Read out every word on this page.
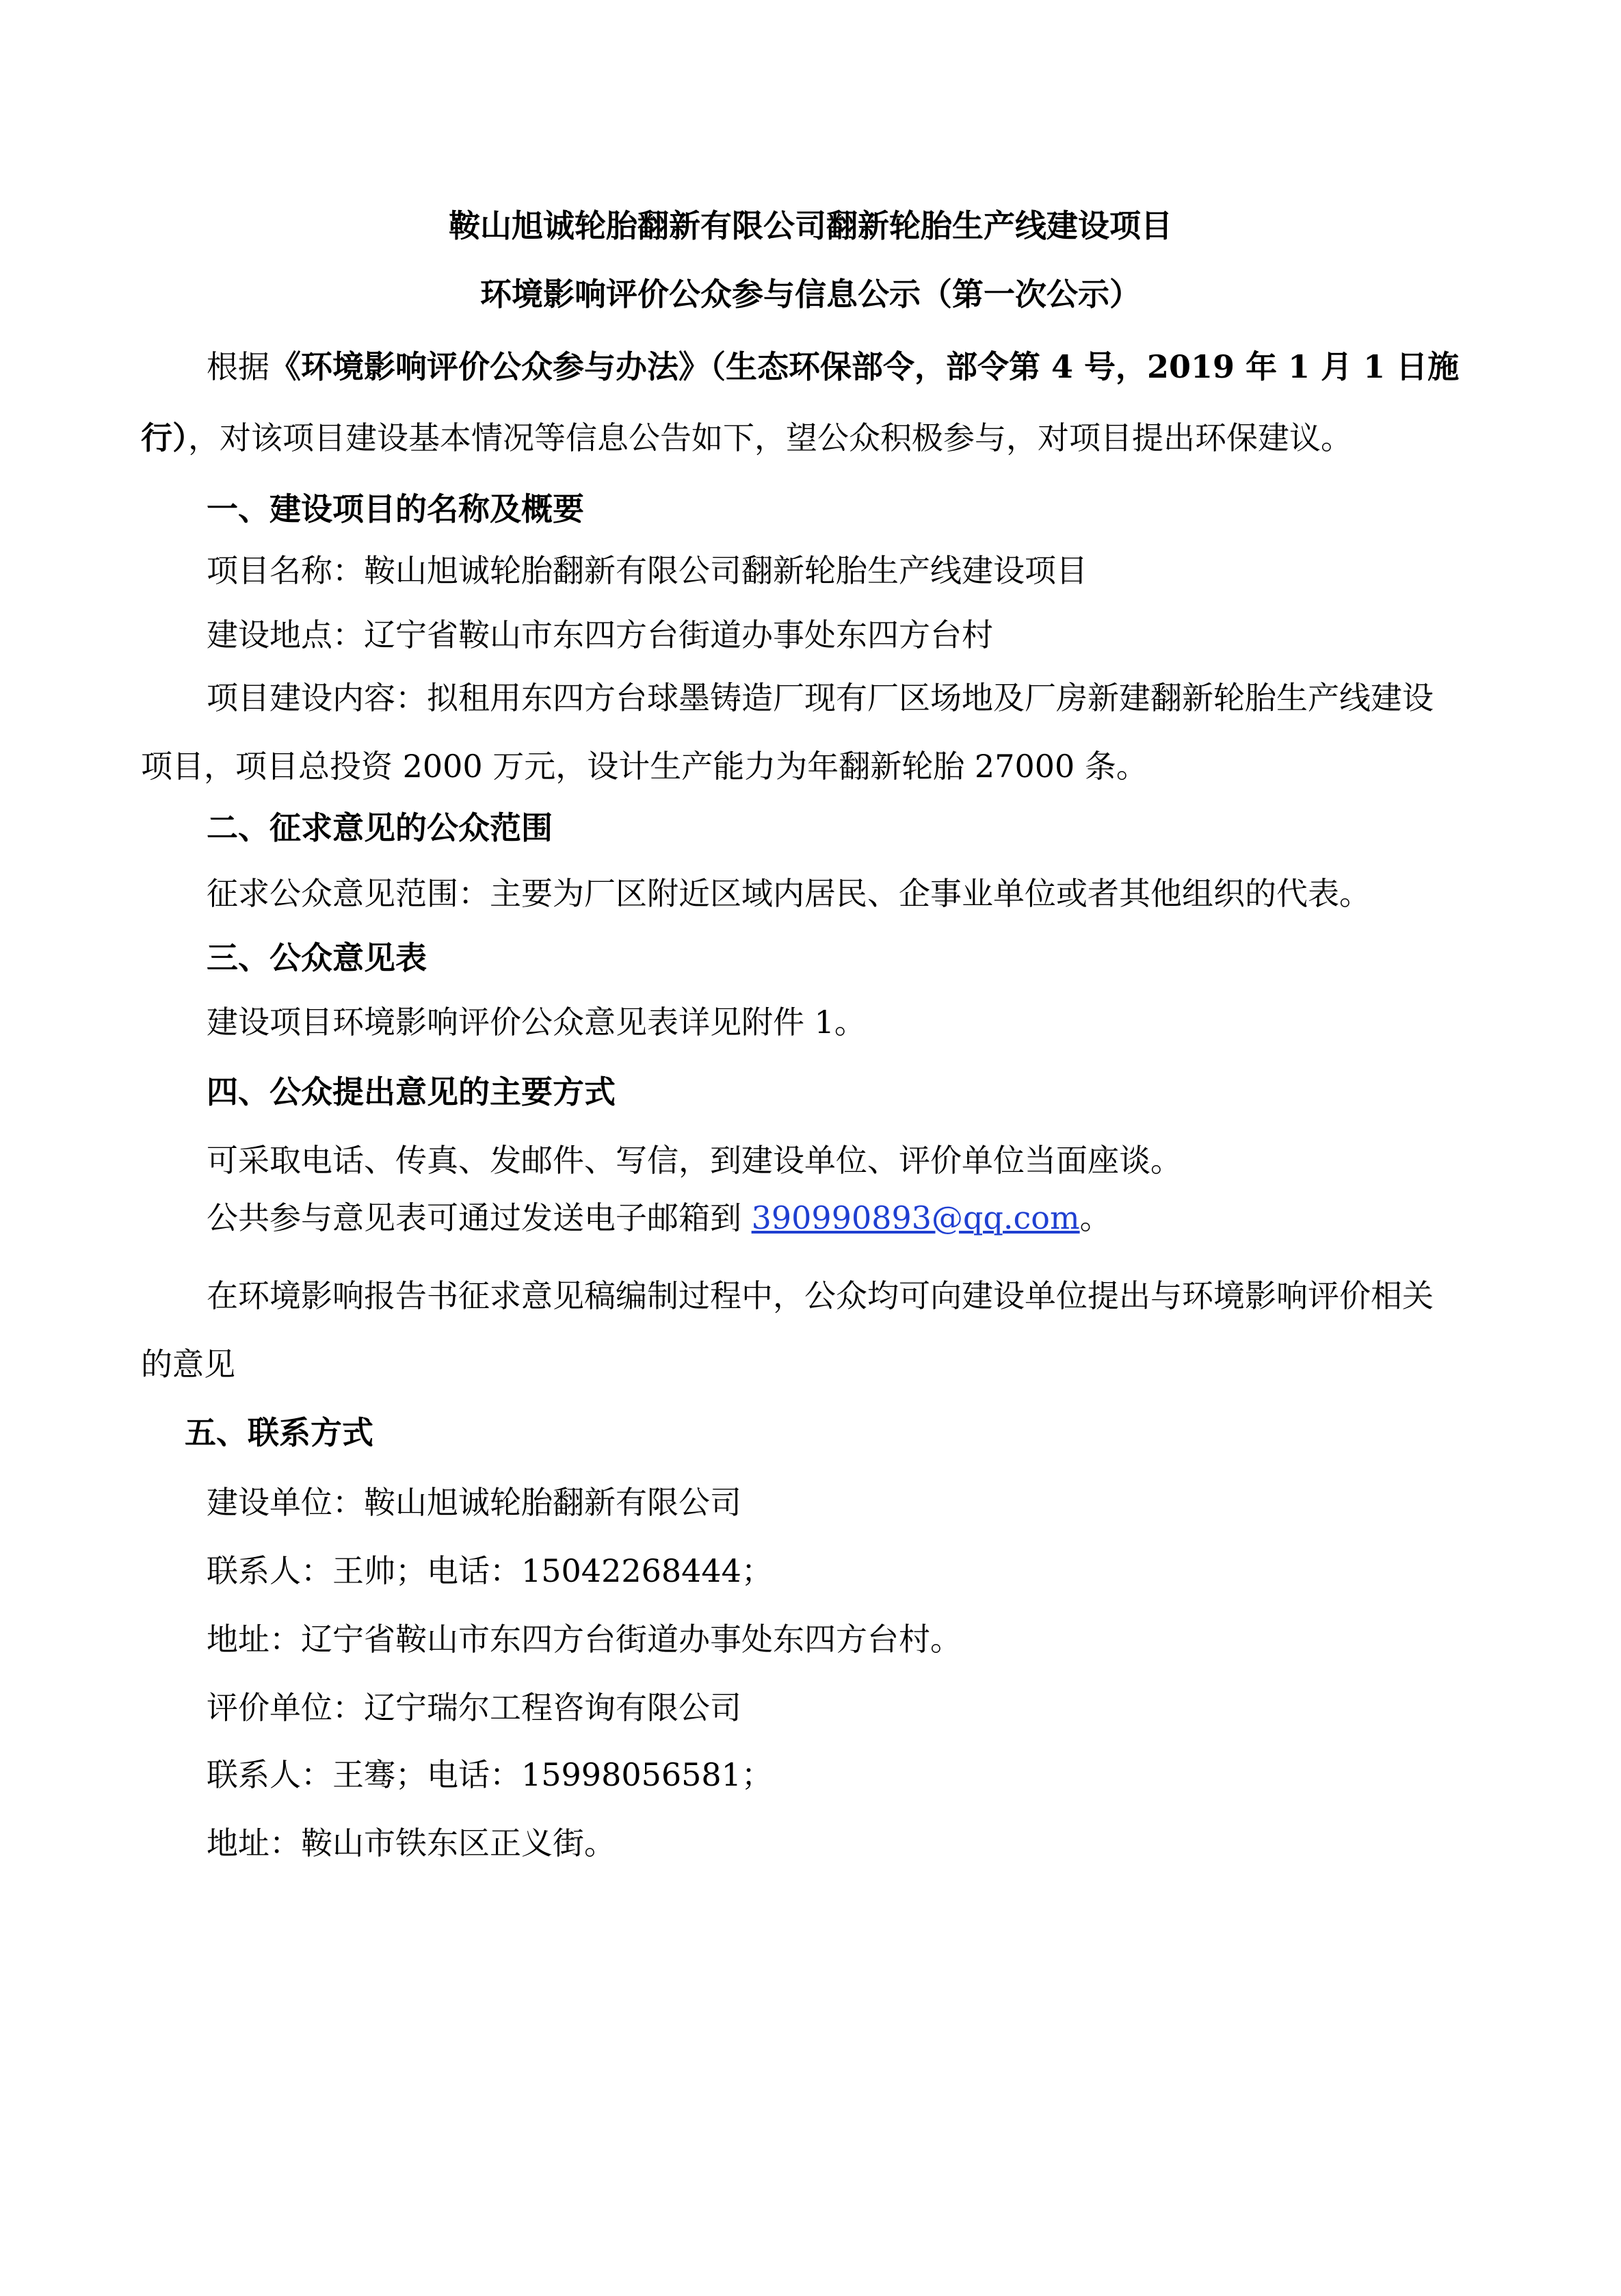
鞍山旭诚轮胎翻新有限公司翻新轮胎生产线建设项目
环境影响评价公众参与信息公示（第一次公示）
根据《环境影响评价公众参与办法》（生态环保部令，部令第 4 号，2019 年 1 月 1 日施
行），对该项目建设基本情况等信息公告如下，望公众积极参与，对项目提出环保建议。
一、建设项目的名称及概要
项目名称：鞍山旭诚轮胎翻新有限公司翻新轮胎生产线建设项目
建设地点：辽宁省鞍山市东四方台街道办事处东四方台村
项目建设内容：拟租用东四方台球墨铸造厂现有厂区场地及厂房新建翻新轮胎生产线建设
项目，项目总投资 2000 万元，设计生产能力为年翻新轮胎 27000 条。
二、征求意见的公众范围
征求公众意见范围：主要为厂区附近区域内居民、企事业单位或者其他组织的代表。
三、公众意见表
建设项目环境影响评价公众意见表详见附件 1。
四、公众提出意见的主要方式
可采取电话、传真、发邮件、写信，到建设单位、评价单位当面座谈。
公共参与意见表可通过发送电子邮箱到 390990893@qq.com。
在环境影响报告书征求意见稿编制过程中，公众均可向建设单位提出与环境影响评价相关
的意见
五、联系方式
建设单位：鞍山旭诚轮胎翻新有限公司
联系人：王帅；电话：15042268444；
地址：辽宁省鞍山市东四方台街道办事处东四方台村。
评价单位：辽宁瑞尔工程咨询有限公司
联系人：王骞；电话：15998056581；
地址：鞍山市铁东区正义街。
